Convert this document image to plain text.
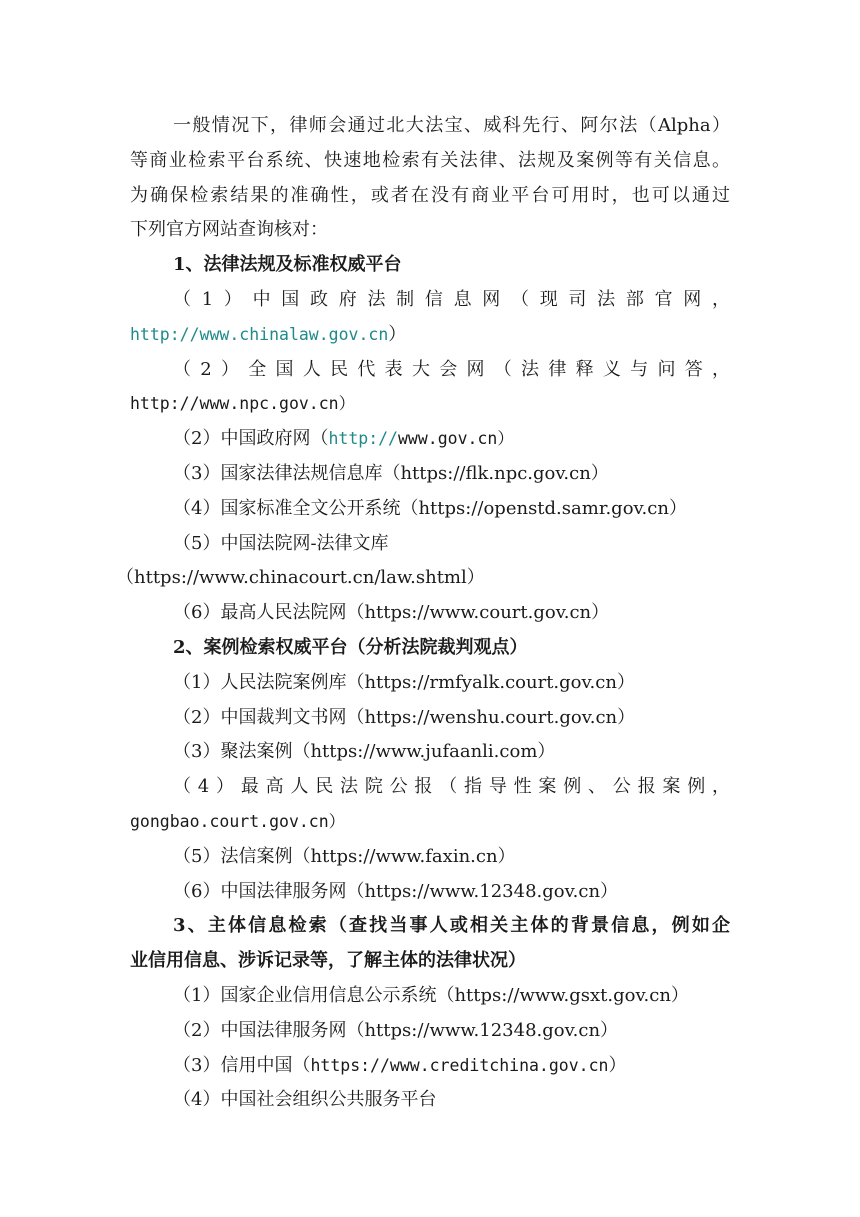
一般情况下，律师会通过北大法宝、威科先行、阿尔法（Alpha）
等商业检索平台系统、快速地检索有关法律、法规及案例等有关信息。
为确保检索结果的准确性，或者在没有商业平台可用时，也可以通过
下列官方网站查询核对：
1、法律法规及标准权威平台
（1）中国政府法制信息网（现司法部官网，
http://www.chinalaw.gov.cn）
（2）全国人民代表大会网（法律释义与问答，
http://www.npc.gov.cn）
（2）中国政府网（http://www.gov.cn）
（3）国家法律法规信息库（https://flk.npc.gov.cn）
（4）国家标准全文公开系统（https://openstd.samr.gov.cn）
（5）中国法院网-法律文库
（https://www.chinacourt.cn/law.shtml）
（6）最高人民法院网（https://www.court.gov.cn）
2、案例检索权威平台（分析法院裁判观点）
（1）人民法院案例库（https://rmfyalk.court.gov.cn）
（2）中国裁判文书网（https://wenshu.court.gov.cn）
（3）聚法案例（https://www.jufaanli.com）
（4）最高人民法院公报（指导性案例、公报案例，
gongbao.court.gov.cn）
（5）法信案例（https://www.faxin.cn）
（6）中国法律服务网（https://www.12348.gov.cn）
3、主体信息检索（查找当事人或相关主体的背景信息，例如企
业信用信息、涉诉记录等，了解主体的法律状况）
（1）国家企业信用信息公示系统（https://www.gsxt.gov.cn）
（2）中国法律服务网（https://www.12348.gov.cn）
（3）信用中国（https://www.creditchina.gov.cn）
（4）中国社会组织公共服务平台
